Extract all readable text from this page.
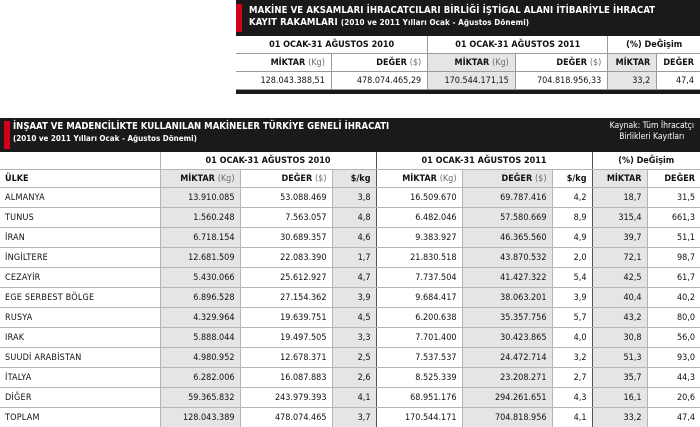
MAKİNE VE AKSAMLARI İHRACATCILARI BİRLİĞİ İŞTİGAL ALANI İTİBARİYLE İHRACAT
KAYIT RAKAMLARI (2010 ve 2011 Yılları Ocak - Ağustos Dönemi)
01 OCAK-31 AĞUSTOS 2010		01 OCAK-31 AĞUSTOS 2011		(%) DeĞişim	
MİKTAR (Kg)	DEĞER ($)	MİKTAR (Kg)	DEĞER ($)	MİKTAR	DEĞER
128.043.388,51	478.074.465,29	170.544.171,15	704.818.956,33	33,2	47,4
İNŞAAT VE MADENCİLİKTE KULLANILAN MAKİNELER TÜRKİYE GENELİ İHRACATI
(2010 ve 2011 Yılları Ocak - Ağustos Dönemi)
Kaynak: Tüm İhracatçı
Birlikleri Kayıtları
	01 OCAK-31 AĞUSTOS 2010			01 OCAK-31 AĞUSTOS 2011			(%) DeĞişim	
ÜLKE	MİKTAR (Kg)	DEĞER ($)	$/kg	MİKTAR (Kg)	DEĞER ($)	$/kg	MİKTAR	DEĞER
ALMANYA	13.910.085	53.088.469	3,8	16.509.670	69.787.416	4,2	18,7	31,5
TUNUS	1.560.248	7.563.057	4,8	6.482.046	57.580.669	8,9	315,4	661,3
İRAN	6.718.154	30.689.357	4,6	9.383.927	46.365.560	4,9	39,7	51,1
İNGİLTERE	12.681.509	22.083.390	1,7	21.830.518	43.870.532	2,0	72,1	98,7
CEZAYİR	5.430.066	25.612.927	4,7	7.737.504	41.427.322	5,4	42,5	61,7
EGE SERBEST BÖLGE	6.896.528	27.154.362	3,9	9.684.417	38.063.201	3,9	40,4	40,2
RUSYA	4.329.964	19.639.751	4,5	6.200.638	35.357.756	5,7	43,2	80,0
IRAK	5.888.044	19.497.505	3,3	7.701.400	30.423.865	4,0	30,8	56,0
SUUDİ ARABİSTAN	4.980.952	12.678.371	2,5	7.537.537	24.472.714	3,2	51,3	93,0
İTALYA	6.282.006	16.087.883	2,6	8.525.339	23.208.271	2,7	35,7	44,3
DİĞER	59.365.832	243.979.393	4,1	68.951.176	294.261.651	4,3	16,1	20,6
TOPLAM	128.043.389	478.074.465	3,7	170.544.171	704.818.956	4,1	33,2	47,4
